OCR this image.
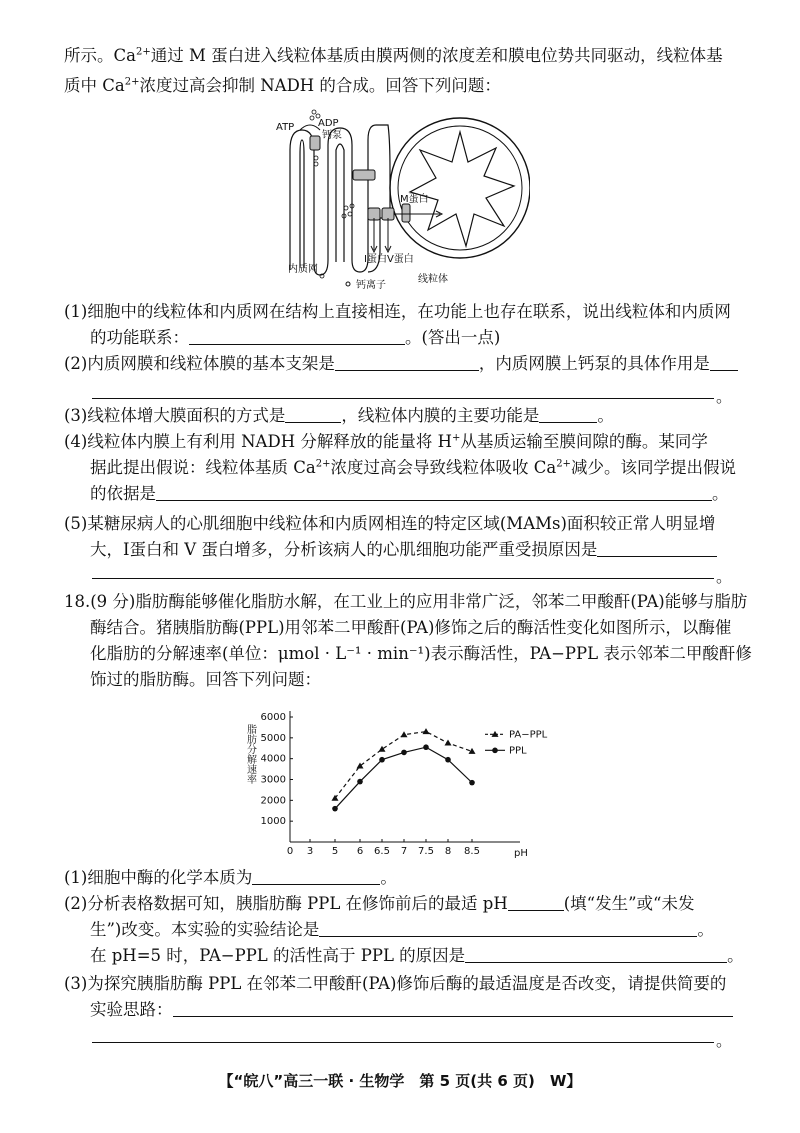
所示。$Ca^{2+}$通过 M 蛋白进入线粒体基质由膜两侧的浓度差和膜电位势共同驱动，线粒体基
质中 $Ca^{2+}$浓度过高会抑制 NADH 的合成。回答下列问题：
ATP ADP
钙泵
M蛋白
Ⅰ蛋白Ⅴ蛋白
内质网
钙离子
线粒体
(1)细胞中的线粒体和内质网在结构上直接相连，在功能上也存在联系，说出线粒体和内质网
的功能联系：	。(答出一点)
(2)内质网膜和线粒体膜的基本支架是	，内质网膜上钙泵的具体作用是
。
(3)线粒体增大膜面积的方式是	，线粒体内膜的主要功能是	。
(4)线粒体内膜上有利用 NADH 分解释放的能量将 H+从基质运输至膜间隙的酶。某同学
据此提出假说：线粒体基质 $Ca^{2+}$浓度过高会导致线粒体吸收 $Ca^{2+}$减少。该同学提出假说
的依据是	。
(5)某糖尿病人的心肌细胞中线粒体和内质网相连的特定区域(MAMs)面积较正常人明显增
大，Ⅰ蛋白和 Ⅴ 蛋白增多，分析该病人的心肌细胞功能严重受损原因是
。
18.(9 分)脂肪酶能够催化脂肪水解，在工业上的应用非常广泛，邻苯二甲酸酐(PA)能够与脂肪
酶结合。猪胰脂肪酶(PPL)用邻苯二甲酸酐(PA)修饰之后的酶活性变化如图所示，以酶催
化脂肪的分解速率(单位：μmol · L⁻¹ · min⁻¹)表示酶活性，PA−PPL 表示邻苯二甲酸酐修
饰过的脂肪酶。回答下列问题：
0 3 5 6 6.5 7 7.5 8 8.5
1000
2000
3000
4000
5000
6000
pH
脂肪分解速率	PPL
PA−PPL
(1)细胞中酶的化学本质为	。
(2)分析表格数据可知，胰脂肪酶 PPL 在修饰前后的最适 pH	(填“发生”或“未发
生”)改变。本实验的实验结论是	。
在 pH=5 时，PA−PPL 的活性高于 PPL 的原因是	。
(3)为探究胰脂肪酶 PPL 在邻苯二甲酸酐(PA)修饰后酶的最适温度是否改变，请提供简要的
实验思路：
。
【“皖八”高三一联 · 生物学　第 5 页(共 6 页)　W】
